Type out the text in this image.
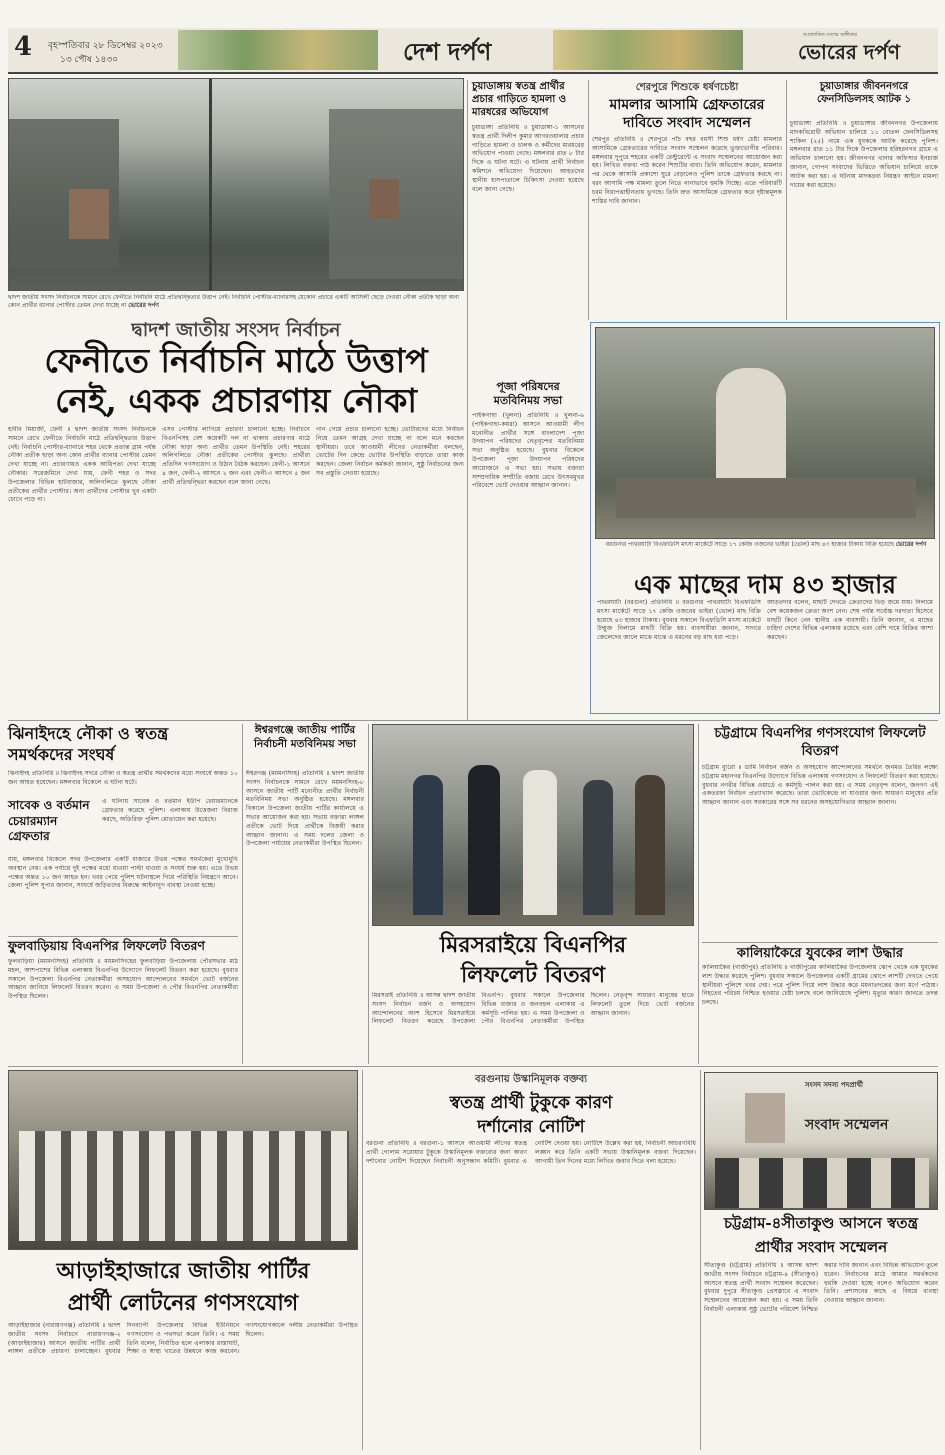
4 বৃহস্পতিবার ২৮ ডিসেম্বর ২০২৩
১৩ পৌষ ১৪৩০	দেশ দর্পণ
আলোকিত দেশের অঙ্গীকার
ভোরের দর্পণ
দ্বাদশ জাতীয় সংসদ নির্বাচনকে সামনে রেখে ফেনীতে নির্বাচনি মাঠে প্রতিদ্বন্দ্বিতার উত্তাপ নেই। নির্বাচনি পোস্টার-ব্যানারসহ যেকোন প্রচারে একটি আসিলী ছেড়ে দেওয়া নৌকা প্রতীক ছাড়া অন্য কোন প্রার্থীর ব্যানার পোস্টার তেমন দেখা যাচ্ছে না ভোরের দর্পণ
দ্বাদশ জাতীয় সংসদ নির্বাচন
ফেনীতে নির্বাচনি মাঠে উত্তাপ
নেই, একক প্রচারণায় নৌকা
হাবীব মিয়াজী, ফেনী ॥ দ্বাদশ জাতীয় সংসদ নির্বাচনকে সামনে রেখে ফেনীতে নির্বাচনি মাঠে প্রতিদ্বন্দ্বিতার উত্তাপ নেই। নির্বাচনি পোস্টার-ব্যানারে শহর থেকে প্রত্যন্ত গ্রাম পর্যন্ত নৌকা প্রতীক ছাড়া অন্য কোন প্রার্থীর ব্যানার পোস্টার তেমন দেখা যাচ্ছে না। প্রচারণায়ও একক আধিপত্য দেখা যাচ্ছে নৌকার। সরেজমিনে দেখা যায়, ফেনী শহর ও সদর উপজেলার বিভিন্ন হাটবাজার, অলিগলিতে ঝুলছে নৌকা প্রতীকের প্রার্থীর পোস্টার। অন্য প্রার্থীদের পোস্টার খুব একটা চোখে পড়ে না।
এসব পোস্টার লাগিয়ে প্রচারণা চালানো হচ্ছে। নির্বাচনে বিএনপিসহ বেশ কয়েকটি দল না থাকায় প্রচারণার মাঠে নৌকা ছাড়া অন্য প্রার্থীর তেমন উপস্থিতি নেই। শহরের অলিগলিতে নৌকা প্রতীকের পোস্টার ঝুলছে। প্রার্থীরা প্রতিদিন গণসংযোগ ও উঠান বৈঠক করছেন। ফেনী-১ আসনে ৪ জন, ফেনী-২ আসনে ২ জন এবং ফেনী-৩ আসনে ৫ জন প্রার্থী প্রতিদ্বন্দ্বিতা করছেন বলে জানা গেছে।
গান গেয়ে প্রচার চালানো হচ্ছে। ভোটারদের মধ্যে নির্বাচন নিয়ে তেমন আগ্রহ দেখা যাচ্ছে না বলে মনে করছেন স্থানীয়রা। তবে আওয়ামী লীগের নেতাকর্মীরা বলছেন, ভোটের দিন কেন্দ্রে ভোটার উপস্থিতি বাড়াতে তারা কাজ করছেন। জেলা নির্বাচন কর্মকর্তা জানান, সুষ্ঠু নির্বাচনের জন্য সব প্রস্তুতি নেওয়া হয়েছে।
চুয়াডাঙ্গায় স্বতন্ত্র প্রার্থীর প্রচার গাড়িতে হামলা ও মারধরের অভিযোগ
চুয়াডাঙ্গা প্রতিনিধি ॥ চুয়াডাঙ্গা-১ আসনের স্বতন্ত্র প্রার্থী দিলীপ কুমার আগরওয়ালার প্রচার গাড়িতে হামলা ও চালক ও কর্মীদের মারধরের অভিযোগ পাওয়া গেছে। মঙ্গলবার রাত ৮ টার দিকে এ ঘটনা ঘটে। এ ঘটনায় প্রার্থী নির্বাচন কমিশনে অভিযোগ দিয়েছেন। আহতদের স্থানীয় হাসপাতালে চিকিৎসা দেওয়া হয়েছে বলে জানা গেছে।
পূজা পরিষদের মতবিনিময় সভা
পাইকগাছা (খুলনা) প্রতিনিধি ॥ খুলনা-৬ (পাইকগাছা-কয়রা) আসনে আওয়ামী লীগ মনোনীত প্রার্থীর সঙ্গে বাংলাদেশ পূজা উদযাপন পরিষদের নেতৃবৃন্দের মতবিনিময় সভা অনুষ্ঠিত হয়েছে। বুধবার বিকেলে উপজেলা পূজা উদযাপন পরিষদের আয়োজনে এ সভা হয়। সভায় বক্তারা সাম্প্রদায়িক সম্প্রীতি বজায় রেখে উৎসবমুখর পরিবেশে ভোট দেওয়ার আহ্বান জানান।
শেরপুরে শিশুকে ধর্ষণচেষ্টা
মামলার আসামি গ্রেফতারের দাবিতে সংবাদ সম্মেলন
শেরপুর প্রতিনিধি ॥ শেরপুরে পাঁচ বছর বয়সী শিশু ধর্ষণ চেষ্টা মামলার আসামিকে গ্রেফতারের দাবিতে সংবাদ সম্মেলন করেছে ভুক্তভোগীর পরিবার। মঙ্গলবার দুপুরে শহরের একটি রেস্টুরেন্টে এ সংবাদ সম্মেলনের আয়োজন করা হয়। লিখিত বক্তব্য পাঠ করেন শিশুটির বাবা। তিনি অভিযোগ করেন, মামলার পর থেকে আসামি প্রকাশ্যে ঘুরে বেড়ালেও পুলিশ তাকে গ্রেফতার করছে না। বরং আসামি পক্ষ মামলা তুলে নিতে নানাভাবে হুমকি দিচ্ছে। এতে পরিবারটি চরম নিরাপত্তাহীনতায় ভুগছে। তিনি দ্রুত আসামিকে গ্রেফতার করে দৃষ্টান্তমূলক শাস্তির দাবি জানান।
চুয়াডাঙ্গার জীবননগরে ফেনসিডিলসহ আটক ১
চুয়াডাঙ্গা প্রতিনিধি ॥ চুয়াডাঙ্গার জীবননগর উপজেলায় মাদকবিরোধী অভিযান চালিয়ে ১১ বোতল ফেনসিডিলসহ শাকিল (২৫) নামে এক যুবককে আটক করেছে পুলিশ। মঙ্গলবার রাত ১১ টার দিকে উপজেলার হরিহরনগর গ্রামে এ অভিযান চালানো হয়। জীবননগর থানার অফিসার ইনচার্জ জানান, গোপন সংবাদের ভিত্তিতে অভিযান চালিয়ে তাকে আটক করা হয়। এ ঘটনায় মাদকদ্রব্য নিয়ন্ত্রণ আইনে মামলা দায়ের করা হয়েছে।
বরগুনার পাথরঘাটা বিএফডিসি মৎস্য মার্কেটে সাড়ে ১৭ কেজি ওজনের ভাইরা (ভোল) মাছ ৪৩ হাজার টাকায় বিক্রি হয়েছে ভোরের দর্পণ
এক মাছের দাম ৪৩ হাজার
পাথরঘাটা (বরগুনা) প্রতিনিধি ॥ বরগুনার পাথরঘাটা বিএফডিসি মৎস্য মার্কেটে সাড়ে ১৭ কেজি ওজনের ভাইরা (ভোল) মাছ বিক্রি হয়েছে ৪৩ হাজার টাকায়। বুধবার সকালে বিএফডিসি মৎস্য মার্কেটে উন্মুক্ত নিলামে মাছটি বিক্রি হয়। ব্যবসায়ীরা জানান, সাগরে জেলেদের জালে মাঝে মাঝে এ ধরনের বড় মাছ ধরা পড়ে।
আড়তদার বলেন, মাছটি দেখতে ক্রেতাদের ভিড় জমে যায়। নিলামে বেশ কয়েকজন ক্রেতা অংশ নেন। শেষ পর্যন্ত সর্বোচ্চ দরদাতা হিসেবে মাছটি কিনে নেন স্থানীয় এক ব্যবসায়ী। তিনি জানান, এ মাছের চাহিদা দেশের বিভিন্ন এলাকায় রয়েছে এবং বেশি দামে বিক্রির আশা করছেন।
ঝিনাইদহে নৌকা ও স্বতন্ত্র সমর্থকদের সংঘর্ষ
ঝিনাইদহ প্রতিনিধি ॥ ঝিনাইদহ সদরে নৌকা ও স্বতন্ত্র প্রার্থীর সমর্থকদের মধ্যে সংঘর্ষে অন্তত ১০ জন আহত হয়েছেন। মঙ্গলবার বিকেলে এ ঘটনা ঘটে।
সাবেক ও বর্তমান চেয়ারম্যান গ্রেফতার
এ ঘটনায় সাবেক ও বর্তমান ইউপি চেয়ারম্যানকে গ্রেফতার করেছে পুলিশ। এলাকায় উত্তেজনা বিরাজ করছে, অতিরিক্ত পুলিশ মোতায়েন করা হয়েছে।
যায়, মঙ্গলবার বিকেলে সদর উপজেলার একটি বাজারে উভয় পক্ষের সমর্থকেরা মুখোমুখি অবস্থান নেয়। এক পর্যায়ে দুই পক্ষের মধ্যে ধাওয়া পাল্টা ধাওয়া ও সংঘর্ষ শুরু হয়। এতে উভয় পক্ষের অন্তত ১০ জন আহত হন। খবর পেয়ে পুলিশ ঘটনাস্থলে গিয়ে পরিস্থিতি নিয়ন্ত্রণে আনে। জেলা পুলিশ সুপার জানান, সংঘর্ষে জড়িতদের বিরুদ্ধে আইনানুগ ব্যবস্থা নেওয়া হচ্ছে।
ফুলবাড়িয়ায় বিএনপির লিফলেট বিতরণ
ফুলবাড়িয়া (ময়মনসিংহ) প্রতিনিধি ॥ ময়মনসিংহের ফুলবাড়িয়া উপজেলায় পৌরসভার মাঠ মহল, আশপাশের বিভিন্ন এলাকায় বিএনপির উদ্যোগে লিফলেট বিতরণ করা হয়েছে। বুধবার সকালে উপজেলা বিএনপির নেতাকর্মীরা অসহযোগ আন্দোলনের সমর্থনে ভোট বর্জনের আহ্বান জানিয়ে লিফলেট বিতরণ করেন। এ সময় উপজেলা ও পৌর বিএনপির নেতাকর্মীরা উপস্থিত ছিলেন।
ঈশ্বরগঞ্জে জাতীয় পার্টির নির্বাচনী মতবিনিময় সভা
ঈশ্বরগঞ্জ (ময়মনসিংহ) প্রতিনিধি ॥ দ্বাদশ জাতীয় সংসদ নির্বাচনকে সামনে রেখে ময়মনসিংহ-৮ আসনে জাতীয় পার্টি মনোনীত প্রার্থীর নির্বাচনী মতবিনিময় সভা অনুষ্ঠিত হয়েছে। মঙ্গলবার বিকালে উপজেলা জাতীয় পার্টির কার্যালয়ে এ সভার আয়োজন করা হয়। সভায় বক্তারা লাঙ্গল প্রতীকে ভোট দিয়ে প্রার্থীকে বিজয়ী করার আহ্বান জানান। এ সময় দলের জেলা ও উপজেলা পর্যায়ের নেতাকর্মীরা উপস্থিত ছিলেন।
মিরসরাইয়ে বিএনপির
লিফলেট বিতরণ
মিরসরাই প্রতিনিধি ॥ আসন্ন দ্বাদশ জাতীয় সংসদ নির্বাচন বর্জন ও অসহযোগ আন্দোলনের অংশ হিসেবে মিরসরাইয়ে লিফলেট বিতরণ করেছে উপজেলা বিএনপি। বুধবার সকালে উপজেলার বিভিন্ন বাজার ও জনবহুল এলাকায় এ কর্মসূচি পালিত হয়। এ সময় উপজেলা ও পৌর বিএনপির নেতাকর্মীরা উপস্থিত ছিলেন। নেতৃবৃন্দ সাধারণ মানুষের হাতে লিফলেট তুলে দিয়ে ভোট বর্জনের আহ্বান জানান।
চট্টগ্রামে বিএনপির গণসংযোগ লিফলেট বিতরণ
চট্টগ্রাম ব্যুরো ॥ ডামি নির্বাচন বর্জন ও অসহযোগ আন্দোলনের সমর্থনে জনমত তৈরির লক্ষ্যে চট্টগ্রাম মহানগর বিএনপির উদ্যোগে বিভিন্ন এলাকায় গণসংযোগ ও লিফলেট বিতরণ করা হয়েছে। বুধবার নগরীর বিভিন্ন ওয়ার্ডে এ কর্মসূচি পালন করা হয়। এ সময় নেতৃবৃন্দ বলেন, জনগণ এই একতরফা নির্বাচন প্রত্যাখ্যান করেছে। তারা ভোটকেন্দ্রে না যাওয়ার জন্য সাধারণ মানুষের প্রতি আহ্বান জানান এবং সরকারের সঙ্গে সব ধরনের অসহযোগিতার আহ্বান জানান।
কালিয়াকৈরে যুবকের লাশ উদ্ধার
কালিয়াকৈর (গাজীপুর) প্রতিনিধি ॥ গাজীপুরের কালিয়াকৈর উপজেলায় ঝোপ থেকে এক যুবকের লাশ উদ্ধার করেছে পুলিশ। বুধবার সকালে উপজেলার একটি গ্রামের ঝোপে লাশটি দেখতে পেয়ে স্থানীয়রা পুলিশে খবর দেয়। পরে পুলিশ গিয়ে লাশ উদ্ধার করে ময়নাতদন্তের জন্য মর্গে পাঠায়। নিহতের পরিচয় নিশ্চিত হওয়ার চেষ্টা চলছে বলে জানিয়েছে পুলিশ। মৃত্যুর কারণ জানতে তদন্ত চলছে।
আড়াইহাজারে জাতীয় পার্টির
প্রার্থী লোটনের গণসংযোগ
আড়াইহাজার (নারায়ণগঞ্জ) প্রতিনিধি ॥ দ্বাদশ জাতীয় সংসদ নির্বাচনে নারায়ণগঞ্জ-২ (আড়াইহাজার) আসনে জাতীয় পার্টির প্রার্থী লাঙ্গল প্রতীকে প্রচারণা চালাচ্ছেন। বুধবার দিনব্যাপী উপজেলার বিভিন্ন ইউনিয়নে গণসংযোগ ও পথসভা করেন তিনি। এ সময় তিনি বলেন, নির্বাচিত হলে এলাকার রাস্তাঘাট, শিক্ষা ও স্বাস্থ্য খাতের উন্নয়নে কাজ করবেন। গণসংযোগকালে দলীয় নেতাকর্মীরা উপস্থিত ছিলেন।
বরগুনায় উস্কানিমূলক বক্তব্য
স্বতন্ত্র প্রার্থী টুকুকে কারণ
দর্শানোর নোটিশ
বরগুনা প্রতিনিধি ॥ বরগুনা-১ আসনে আওয়ামী লীগের স্বতন্ত্র প্রার্থী গোলাম সরোয়ার টুকুকে উস্কানিমূলক বক্তব্যের জন্য কারণ দর্শানোর নোটিশ দিয়েছেন নির্বাচনী অনুসন্ধান কমিটি। বুধবার এ নোটিশ দেওয়া হয়। নোটিশে উল্লেখ করা হয়, নির্বাচনী আচরণবিধি লঙ্ঘন করে তিনি একটি সভায় উস্কানিমূলক বক্তব্য দিয়েছেন। আগামী তিন দিনের মধ্যে লিখিত জবাব দিতে বলা হয়েছে।
সংসদ সদস্য পদপ্রার্থী
সংবাদ সম্মেলন
চট্টগ্রাম-৪সীতাকুণ্ড আসনে স্বতন্ত্র
প্রার্থীর সংবাদ সম্মেলন
সীতাকুণ্ড (চট্টগ্রাম) প্রতিনিধি ॥ আসন্ন দ্বাদশ জাতীয় সংসদ নির্বাচনে চট্টগ্রাম-৪ (সীতাকুণ্ড) আসনে স্বতন্ত্র প্রার্থী সংবাদ সম্মেলন করেছেন। বুধবার দুপুরে সীতাকুণ্ড প্রেসক্লাবে এ সংবাদ সম্মেলনের আয়োজন করা হয়। এ সময় তিনি নির্বাচনী এলাকায় সুষ্ঠু ভোটের পরিবেশ নিশ্চিত করার দাবি জানান এবং বিভিন্ন অভিযোগ তুলে ধরেন। নির্বাচনের মাঠে আমার সমর্থকদের হুমকি দেওয়া হচ্ছে বলেও অভিযোগ করেন তিনি। প্রশাসনের কাছে এ বিষয়ে ব্যবস্থা নেওয়ার আহ্বান জানান।
